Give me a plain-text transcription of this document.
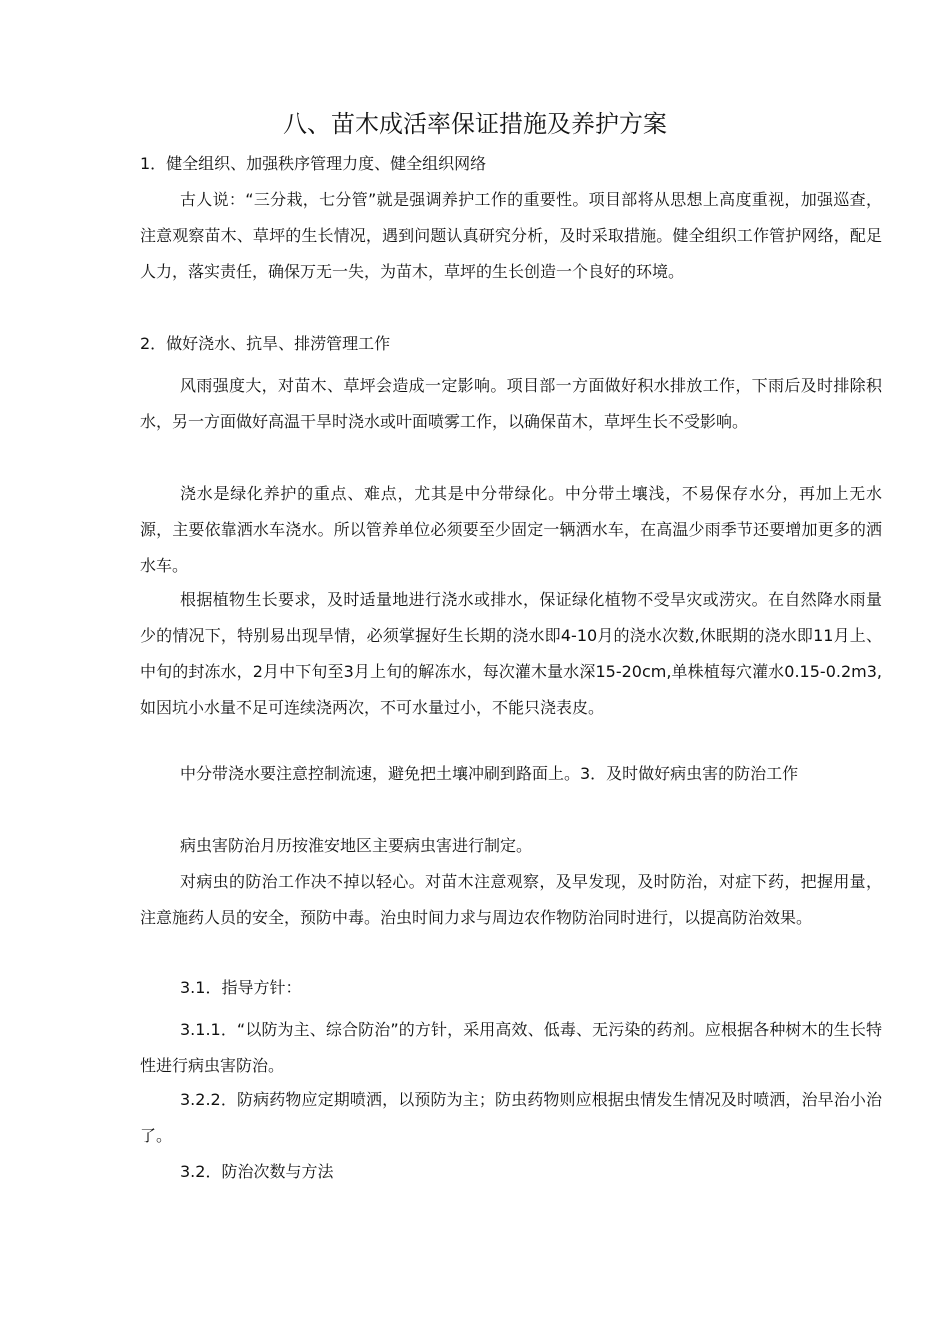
八、苗木成活率保证措施及养护方案

1．健全组织、加强秩序管理力度、健全组织网络

古人说：“三分栽，七分管”就是强调养护工作的重要性。项目部将从思想上高度重视，加强巡查，注意观察苗木、草坪的生长情况，遇到问题认真研究分析，及时采取措施。健全组织工作管护网络，配足人力，落实责任，确保万无一失，为苗木，草坪的生长创造一个良好的环境。

2．做好浇水、抗旱、排涝管理工作

风雨强度大，对苗木、草坪会造成一定影响。项目部一方面做好积水排放工作，下雨后及时排除积水，另一方面做好高温干旱时浇水或叶面喷雾工作，以确保苗木，草坪生长不受影响。

浇水是绿化养护的重点、难点，尤其是中分带绿化。中分带土壤浅，不易保存水分，再加上无水源，主要依靠洒水车浇水。所以管养单位必须要至少固定一辆洒水车，在高温少雨季节还要增加更多的洒水车。

根据植物生长要求，及时适量地进行浇水或排水，保证绿化植物不受旱灾或涝灾。在自然降水雨量少的情况下，特别易出现旱情，必须掌握好生长期的浇水即4-10月的浇水次数,休眠期的浇水即11月上、中旬的封冻水，2月中下旬至3月上旬的解冻水，每次灌木量水深15-20cm,单株植每穴灌水0.15-0.2m3,如因坑小水量不足可连续浇两次，不可水量过小，不能只浇表皮。

中分带浇水要注意控制流速，避免把土壤冲刷到路面上。3．及时做好病虫害的防治工作

病虫害防治月历按淮安地区主要病虫害进行制定。

对病虫的防治工作决不掉以轻心。对苗木注意观察，及早发现，及时防治，对症下药，把握用量，注意施药人员的安全，预防中毒。治虫时间力求与周边农作物防治同时进行，以提高防治效果。

3.1．指导方针：

3.1.1．“以防为主、综合防治”的方针，采用高效、低毒、无污染的药剂。应根据各种树木的生长特性进行病虫害防治。

3.2.2．防病药物应定期喷洒，以预防为主；防虫药物则应根据虫情发生情况及时喷洒，治早治小治了。

3.2．防治次数与方法
